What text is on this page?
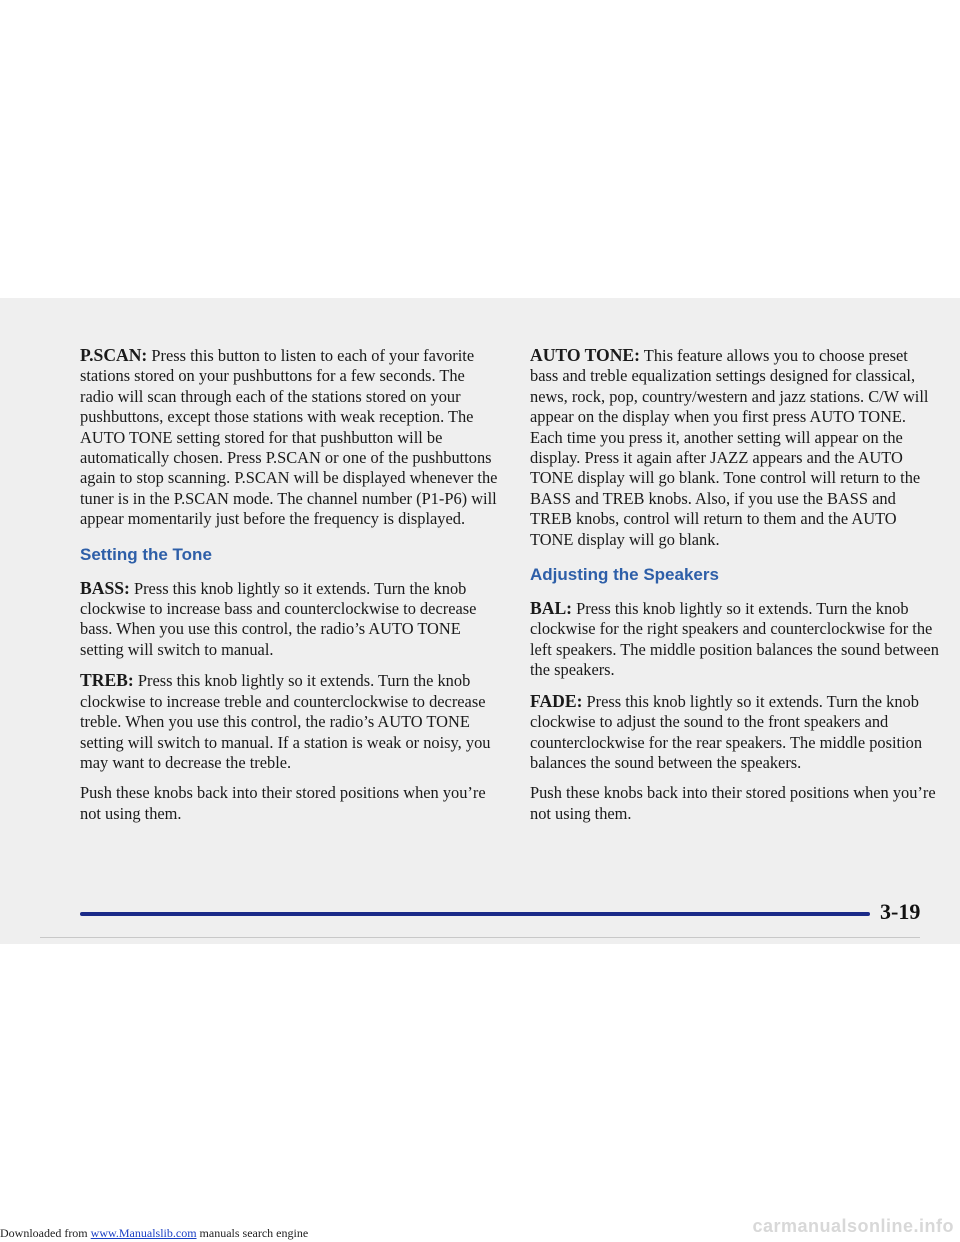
P.SCAN: Press this button to listen to each of your favorite stations stored on your pushbuttons for a few seconds. The radio will scan through each of the stations stored on your pushbuttons, except those stations with weak reception. The AUTO TONE setting stored for that pushbutton will be automatically chosen. Press P.SCAN or one of the pushbuttons again to stop scanning. P.SCAN will be displayed whenever the tuner is in the P.SCAN mode. The channel number (P1-P6) will appear momentarily just before the frequency is displayed.

Setting the Tone

BASS: Press this knob lightly so it extends. Turn the knob clockwise to increase bass and counterclockwise to decrease bass. When you use this control, the radio’s AUTO TONE setting will switch to manual.

TREB: Press this knob lightly so it extends. Turn the knob clockwise to increase treble and counterclockwise to decrease treble. When you use this control, the radio’s AUTO TONE setting will switch to manual. If a station is weak or noisy, you may want to decrease the treble.

Push these knobs back into their stored positions when you’re not using them.

AUTO TONE: This feature allows you to choose preset bass and treble equalization settings designed for classical, news, rock, pop, country/western and jazz stations. C/W will appear on the display when you first press AUTO TONE. Each time you press it, another setting will appear on the display. Press it again after JAZZ appears and the AUTO TONE display will go blank. Tone control will return to the BASS and TREB knobs. Also, if you use the BASS and TREB knobs, control will return to them and the AUTO TONE display will go blank.

Adjusting the Speakers

BAL: Press this knob lightly so it extends. Turn the knob clockwise for the right speakers and counterclockwise for the left speakers. The middle position balances the sound between the speakers.

FADE: Press this knob lightly so it extends. Turn the knob clockwise to adjust the sound to the front speakers and counterclockwise for the rear speakers. The middle position balances the sound between the speakers.

Push these knobs back into their stored positions when you’re not using them.

3-19
Downloaded from www.Manualslib.com manuals search engine	carmanualsonline.info
